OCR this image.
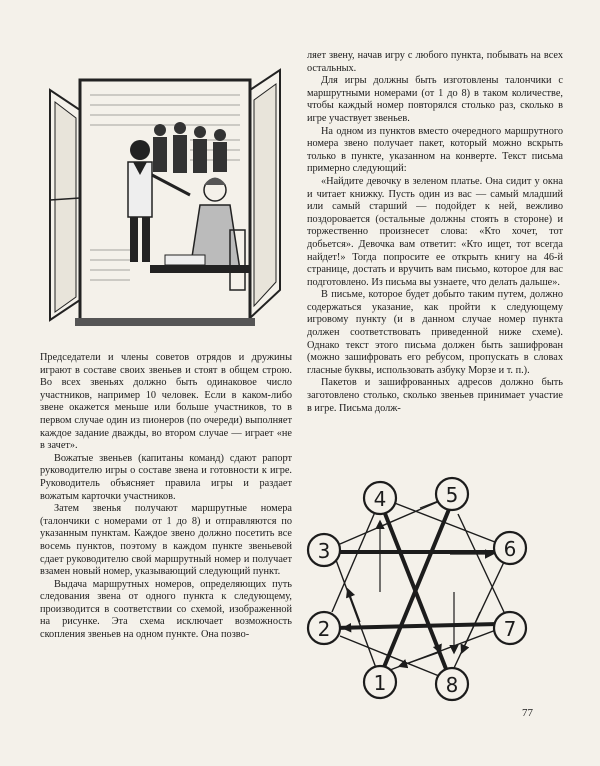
Председатели и члены советов отрядов и дружины играют в составе своих звеньев и стоят в общем строю. Во всех звеньях должно быть одинаковое число участников, например 10 человек. Если в каком-либо звене окажется меньше или больше участников, то в первом случае один из пионеров (по очереди) выполняет каждое задание дважды, во втором случае — играет «не в зачет».

Вожатые звеньев (капитаны команд) сдают рапорт руководителю игры о составе звена и готовности к игре. Руководитель объясняет правила игры и раздает вожатым карточки участников.

Затем звенья получают маршрутные номера (талончики с номерами от 1 до 8) и отправляются по указанным пунктам. Каждое звено должно посетить все восемь пунктов, поэтому в каждом пункте звеньевой сдает руководителю свой маршрутный номер и получает взамен новый номер, указывающий следующий пункт.

Выдача маршрутных номеров, определяющих путь следования звена от одного пункта к следующему, производится в соответствии со схемой, изображенной на рисунке. Эта схема исключает возможность скопления звеньев на одном пункте. Она позво-

ляет звену, начав игру с любого пункта, побывать на всех остальных.

Для игры должны быть изготовлены талончики с маршрутными номерами (от 1 до 8) в таком количестве, чтобы каждый номер повторялся столько раз, сколько в игре участвует звеньев.

На одном из пунктов вместо очередного маршрутного номера звено получает пакет, который можно вскрыть только в пункте, указанном на конверте. Текст письма примерно следующий:

«Найдите девочку в зеленом платье. Она сидит у окна и читает книжку. Пусть один из вас — самый младший или самый старший — подойдет к ней, вежливо поздоровается (остальные должны стоять в стороне) и торжественно произнесет слова: «Кто хочет, тот добьется». Девочка вам ответит: «Кто ищет, тот всегда найдет!» Тогда попросите ее открыть книгу на 46-й странице, достать и вручить вам письмо, которое для вас подготовлено. Из письма вы узнаете, что делать дальше».

В письме, которое будет добыто таким путем, должно содержаться указание, как пройти к следующему игровому пункту (и в данном случае номер пункта должен соответствовать приведенной ниже схеме). Однако текст этого письма должен быть зашифрован (можно зашифровать его ребусом, пропускать в словах гласные буквы, использовать азбуку Морзе и т. п.).

Пакетов и зашифрованных адресов должно быть заготовлено столько, сколько звеньев принимает участие в игре. Письма долж-

4	5
3	6
2	7
1	8
77
